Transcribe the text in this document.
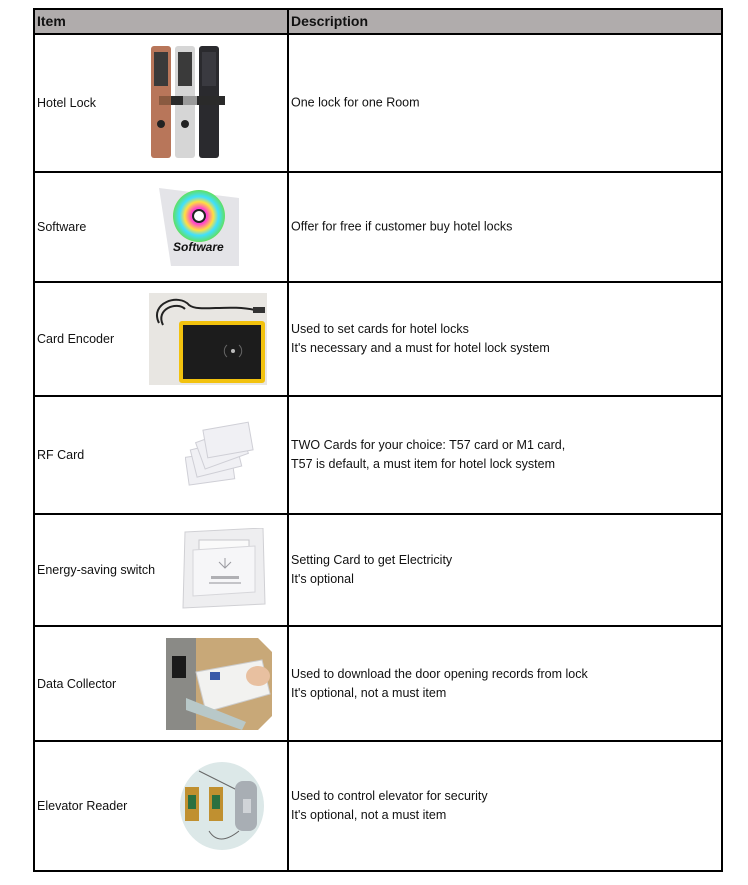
Item	Description
Hotel Lock	One lock for one Room
Software
Software
Offer for free if customer buy hotel locks
Card Encoder
Used to set cards for hotel locks
It's necessary and a must for hotel lock system
RF Card
TWO Cards for your choice: T57 card or M1 card,
T57 is default, a must item for hotel lock system
Energy-saving switch
Setting Card to get Electricity
It's optional
Data Collector
Used to download the door opening records from lock
It's optional, not a must item
Elevator Reader
Used to control elevator for security
It's optional, not a must item
